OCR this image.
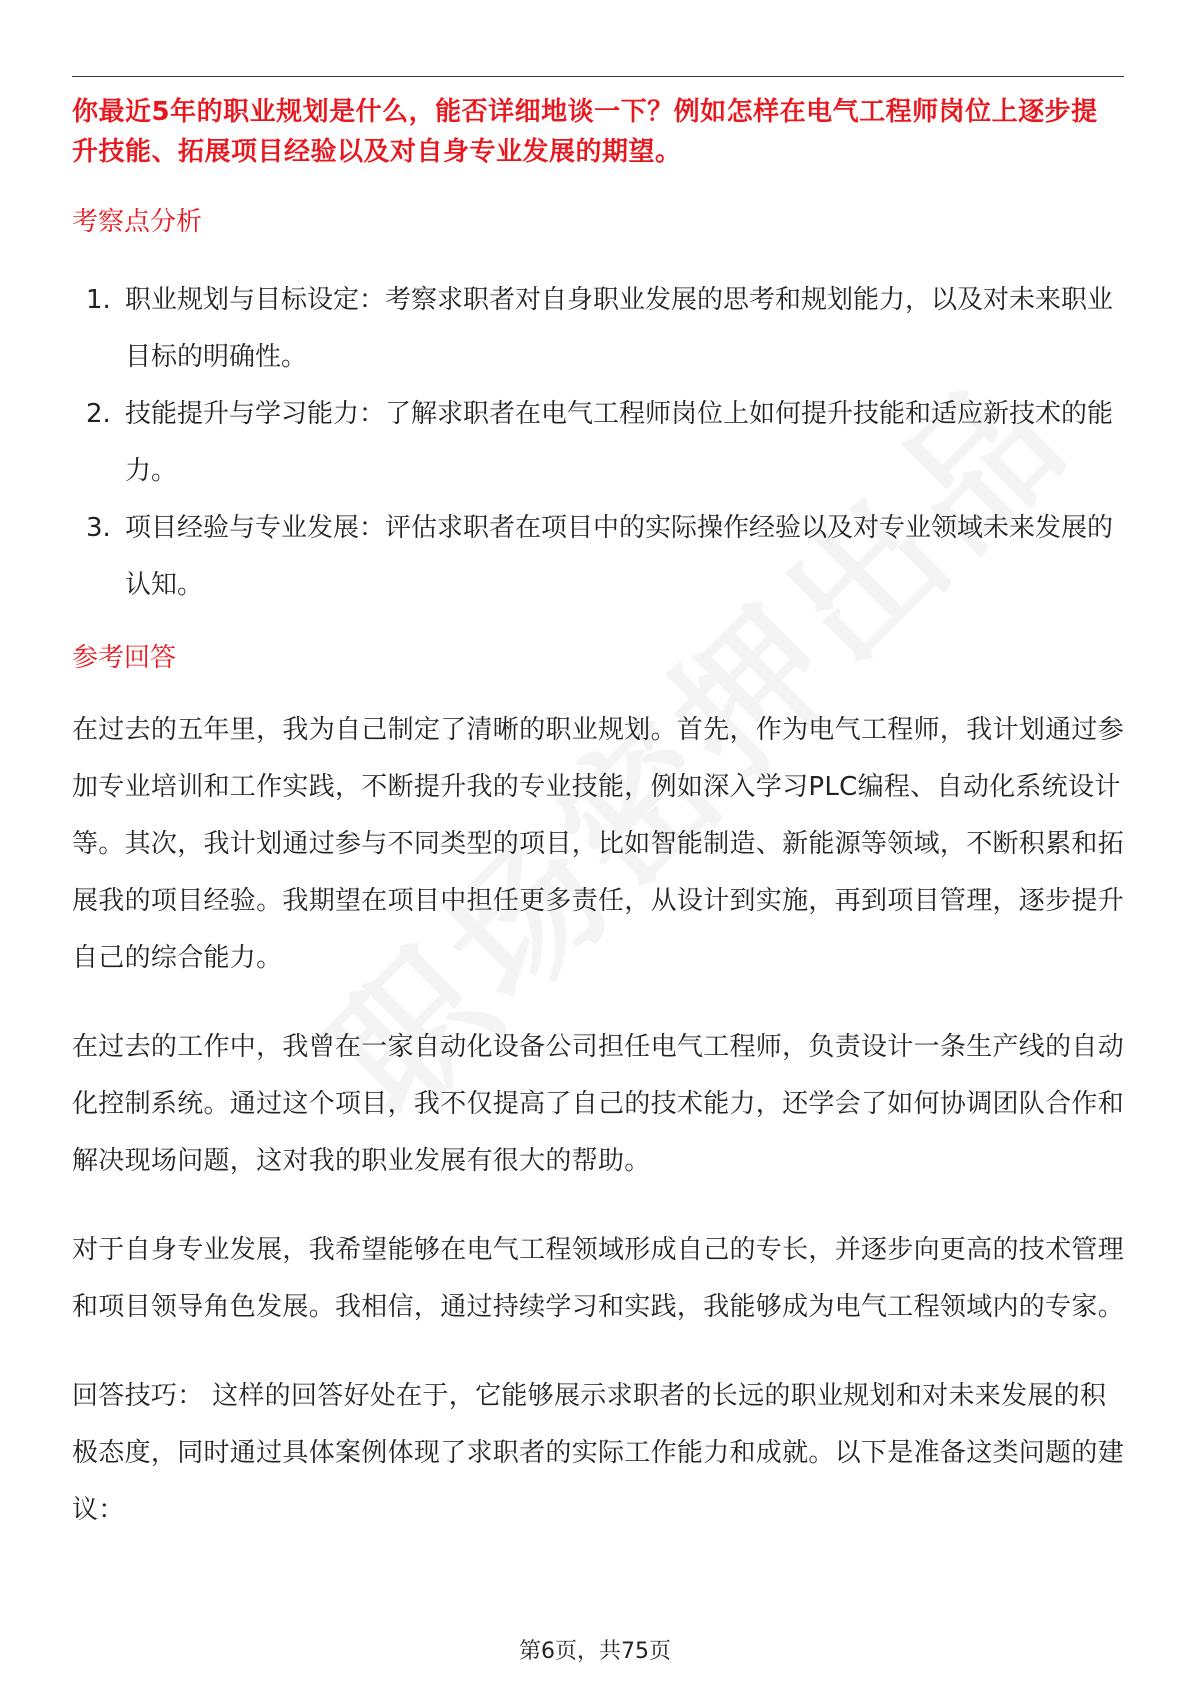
你最近5年的职业规划是什么，能否详细地谈一下？例如怎样在电气工程师岗位上逐步提升技能、拓展项目经验以及对自身专业发展的期望。

考察点分析
1. 职业规划与目标设定：考察求职者对自身职业发展的思考和规划能力，以及对未来职业目标的明确性。
2. 技能提升与学习能力：了解求职者在电气工程师岗位上如何提升技能和适应新技术的能力。
3. 项目经验与专业发展：评估求职者在项目中的实际操作经验以及对专业领域未来发展的认知。
参考回答

在过去的五年里，我为自己制定了清晰的职业规划。首先，作为电气工程师，我计划通过参加专业培训和工作实践，不断提升我的专业技能，例如深入学习PLC编程、自动化系统设计等。其次，我计划通过参与不同类型的项目，比如智能制造、新能源等领域，不断积累和拓展我的项目经验。我期望在项目中担任更多责任，从设计到实施，再到项目管理，逐步提升自己的综合能力。

在过去的工作中，我曾在一家自动化设备公司担任电气工程师，负责设计一条生产线的自动化控制系统。通过这个项目，我不仅提高了自己的技术能力，还学会了如何协调团队合作和解决现场问题，这对我的职业发展有很大的帮助。

对于自身专业发展，我希望能够在电气工程领域形成自己的专长，并逐步向更高的技术管理和项目领导角色发展。我相信，通过持续学习和实践，我能够成为电气工程领域内的专家。

回答技巧： 这样的回答好处在于，它能够展示求职者的长远的职业规划和对未来发展的积极态度，同时通过具体案例体现了求职者的实际工作能力和成就。以下是准备这类问题的建议：

第6页，共75页
